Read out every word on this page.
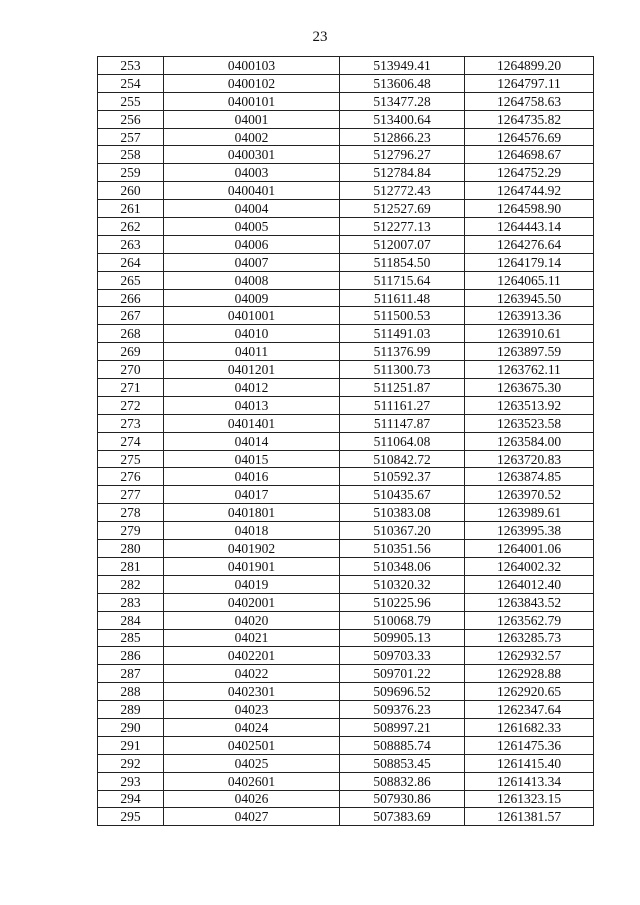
23
253	0400103	513949.41	1264899.20
254	0400102	513606.48	1264797.11
255	0400101	513477.28	1264758.63
256	04001	513400.64	1264735.82
257	04002	512866.23	1264576.69
258	0400301	512796.27	1264698.67
259	04003	512784.84	1264752.29
260	0400401	512772.43	1264744.92
261	04004	512527.69	1264598.90
262	04005	512277.13	1264443.14
263	04006	512007.07	1264276.64
264	04007	511854.50	1264179.14
265	04008	511715.64	1264065.11
266	04009	511611.48	1263945.50
267	0401001	511500.53	1263913.36
268	04010	511491.03	1263910.61
269	04011	511376.99	1263897.59
270	0401201	511300.73	1263762.11
271	04012	511251.87	1263675.30
272	04013	511161.27	1263513.92
273	0401401	511147.87	1263523.58
274	04014	511064.08	1263584.00
275	04015	510842.72	1263720.83
276	04016	510592.37	1263874.85
277	04017	510435.67	1263970.52
278	0401801	510383.08	1263989.61
279	04018	510367.20	1263995.38
280	0401902	510351.56	1264001.06
281	0401901	510348.06	1264002.32
282	04019	510320.32	1264012.40
283	0402001	510225.96	1263843.52
284	04020	510068.79	1263562.79
285	04021	509905.13	1263285.73
286	0402201	509703.33	1262932.57
287	04022	509701.22	1262928.88
288	0402301	509696.52	1262920.65
289	04023	509376.23	1262347.64
290	04024	508997.21	1261682.33
291	0402501	508885.74	1261475.36
292	04025	508853.45	1261415.40
293	0402601	508832.86	1261413.34
294	04026	507930.86	1261323.15
295	04027	507383.69	1261381.57
